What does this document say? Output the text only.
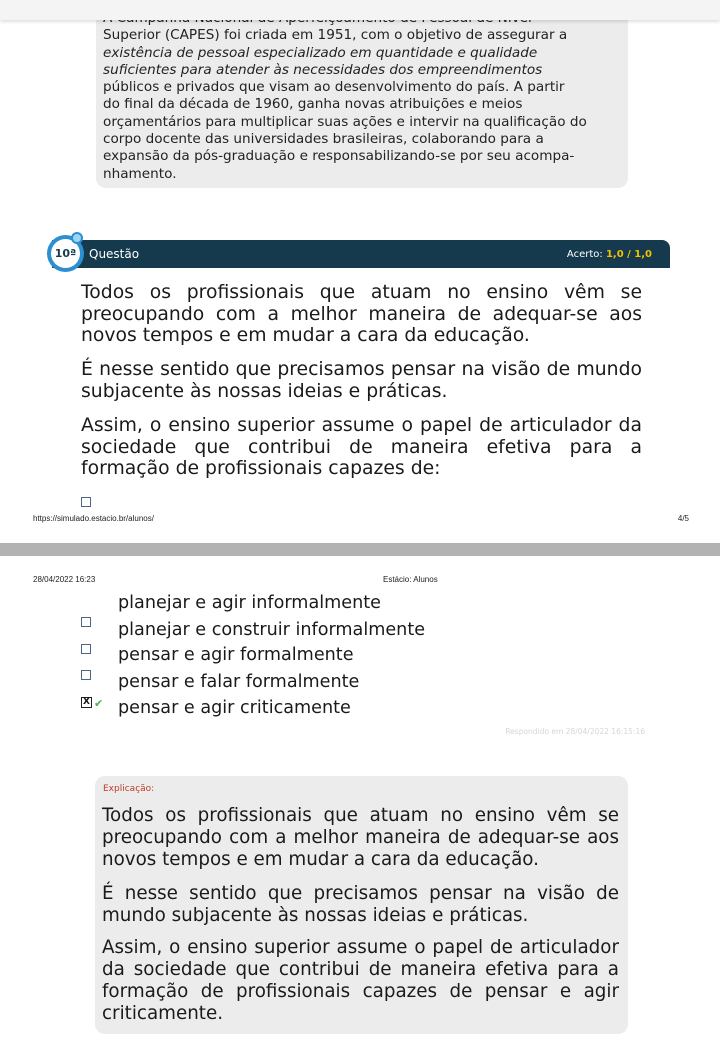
Superior (CAPES) foi criada em 1951, com o objetivo de assegurar a
existência de pessoal especializado em quantidade e qualidade
suficientes para atender às necessidades dos empreendimentos
públicos e privados que visam ao desenvolvimento do país. A partir
do final da década de 1960, ganha novas atribuições e meios
orçamentários para multiplicar suas ações e intervir na qualificação do
corpo docente das universidades brasileiras, colaborando para a
expansão da pós-graduação e responsabilizando-se por seu acompa-
nhamento.
10ª	Questão	Acerto: 1,0 / 1,0
Todos os profissionais que atuam no ensino vêm se preocupando com a melhor maneira de adequar-se aos novos tempos e em mudar a cara da educação.
É nesse sentido que precisamos pensar na visão de mundo subjacente às nossas ideias e práticas.
Assim, o ensino superior assume o papel de articulador da sociedade que contribui de maneira efetiva para a formação de profissionais capazes de:
https://simulado.estacio.br/alunos/	4/5
28/04/2022 16:23	Estácio: Alunos
planejar e agir informalmente
planejar e construir informalmente
pensar e agir formalmente
pensar e falar formalmente
X ✔ pensar e agir criticamente
Respondido em 28/04/2022 16:15:16
Explicação:
Todos os profissionais que atuam no ensino vêm se preocupando com a melhor maneira de adequar-se aos novos tempos e em mudar a cara da educação.
É nesse sentido que precisamos pensar na visão de mundo subjacente às nossas ideias e práticas.
Assim, o ensino superior assume o papel de articulador da sociedade que contribui de maneira efetiva para a formação de profissionais capazes de pensar e agir criticamente.
